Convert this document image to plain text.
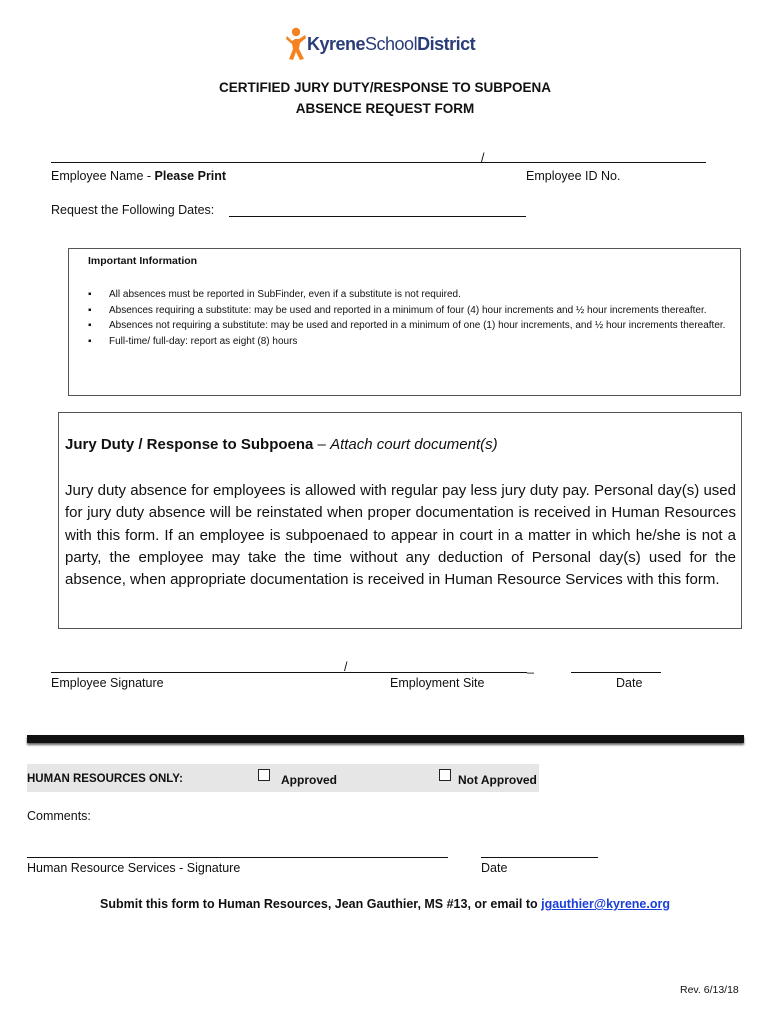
KyreneSchoolDistrict
CERTIFIED JURY DUTY/RESPONSE TO SUBPOENA
ABSENCE REQUEST FORM
/
Employee Name - Please Print	Employee ID No.
Request the Following Dates:
Important Information
▪ All absences must be reported in SubFinder, even if a substitute is not required.
▪ Absences requiring a substitute: may be used and reported in a minimum of four (4) hour increments and ½ hour increments thereafter.
▪ Absences not requiring a substitute: may be used and reported in a minimum of one (1) hour increments, and ½ hour increments thereafter.
▪ Full-time/ full-day: report as eight (8) hours
Jury Duty / Response to Subpoena – Attach court document(s)
Jury duty absence for employees is allowed with regular pay less jury duty pay. Personal day(s) used for jury duty absence will be reinstated when proper documentation is received in Human Resources with this form. If an employee is subpoenaed to appear in court in a matter in which he/she is not a party, the employee may take the time without any deduction of Personal day(s) used for the absence, when appropriate documentation is received in Human Resource Services with this form.
/	_
Employee Signature	Employment Site	Date
HUMAN RESOURCES ONLY:	Approved	Not Approved
Comments:
Human Resource Services - Signature	Date
Submit this form to Human Resources, Jean Gauthier, MS #13, or email to jgauthier@kyrene.org
Rev. 6/13/18
